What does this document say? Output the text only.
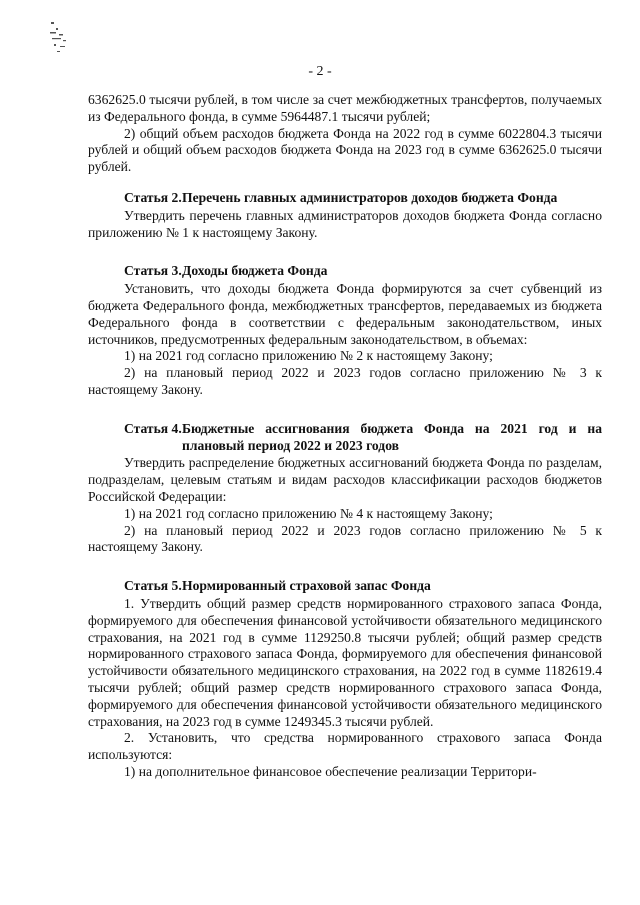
- 2 -

6362625.0 тысячи рублей, в том числе за счет межбюджетных трансфертов, получаемых из Федерального фонда, в сумме 5964487.1 тысячи рублей;

2) общий объем расходов бюджета Фонда на 2022 год в сумме 6022804.3 тысячи рублей и общий объем расходов бюджета Фонда на 2023 год в сумме 6362625.0 тысячи рублей.

Статья 2. Перечень главных администраторов доходов бюджета Фонда

Утвердить перечень главных администраторов доходов бюджета Фонда согласно приложению № 1 к настоящему Закону.

Статья 3. Доходы бюджета Фонда

Установить, что доходы бюджета Фонда формируются за счет субвенций из бюджета Федерального фонда, межбюджетных трансфертов, передаваемых из бюджета Федерального фонда в соответствии с федеральным законодательством, иных источников, предусмотренных федеральным законодательством, в объемах:

1) на 2021 год согласно приложению № 2 к настоящему Закону;

2) на плановый период 2022 и 2023 годов согласно приложению № 3 к настоящему Закону.

Статья 4. Бюджетные ассигнования бюджета Фонда на 2021 год и на плановый период 2022 и 2023 годов

Утвердить распределение бюджетных ассигнований бюджета Фонда по разделам, подразделам, целевым статьям и видам расходов классификации расходов бюджетов Российской Федерации:

1) на 2021 год согласно приложению № 4 к настоящему Закону;

2) на плановый период 2022 и 2023 годов согласно приложению № 5 к настоящему Закону.

Статья 5. Нормированный страховой запас Фонда

1. Утвердить общий размер средств нормированного страхового запаса Фонда, формируемого для обеспечения финансовой устойчивости обязательного медицинского страхования, на 2021 год в сумме 1129250.8 тысячи рублей; общий размер средств нормированного страхового запаса Фонда, формируемого для обеспечения финансовой устойчивости обязательного медицинского страхования, на 2022 год в сумме 1182619.4 тысячи рублей; общий размер средств нормированного страхового запаса Фонда, формируемого для обеспечения финансовой устойчивости обязательного медицинского страхования, на 2023 год в сумме 1249345.3 тысячи рублей.

2. Установить, что средства нормированного страхового запаса Фонда используются:

1) на дополнительное финансовое обеспечение реализации Территори-
